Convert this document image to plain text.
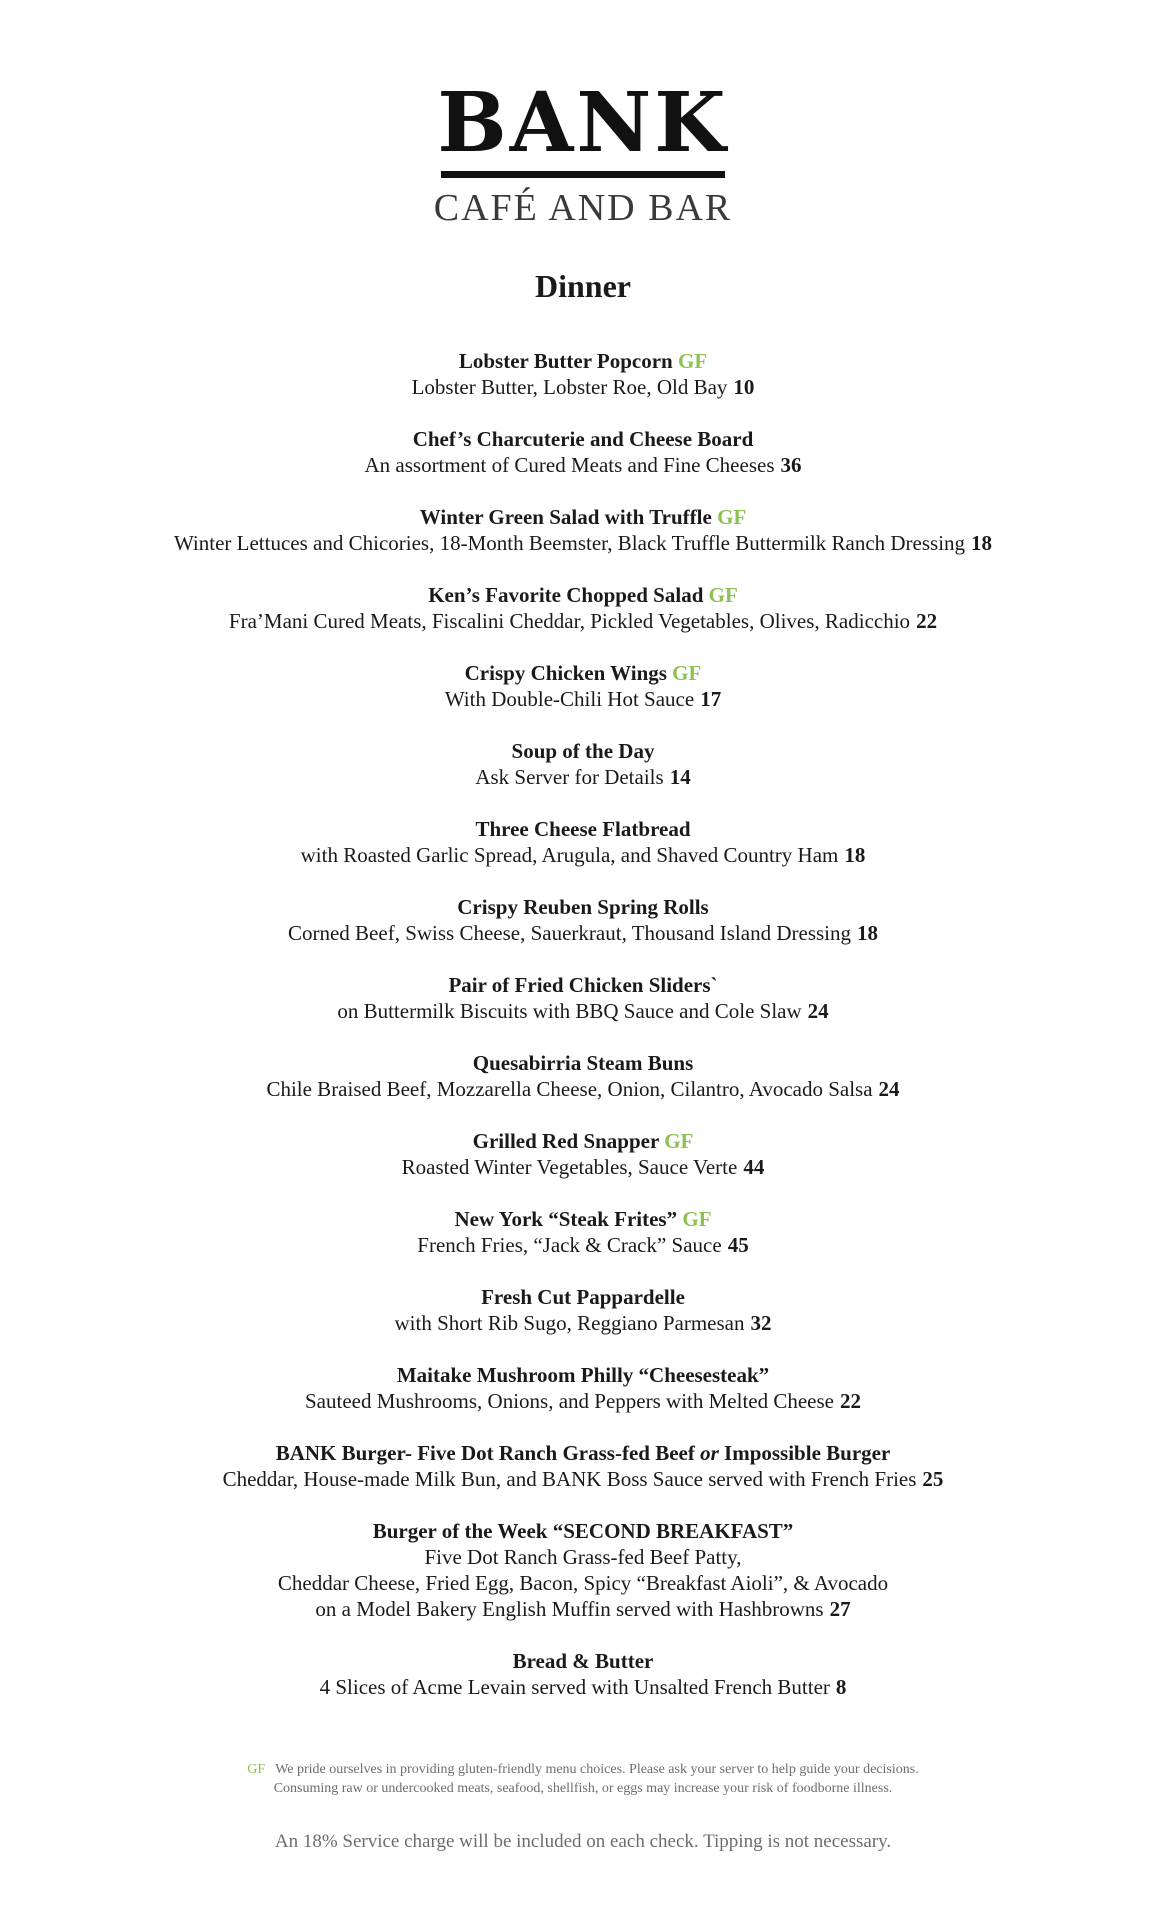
BANK
CAFÉ AND BAR
Dinner
Lobster Butter Popcorn GF
Lobster Butter, Lobster Roe, Old Bay 10
Chef’s Charcuterie and Cheese Board
An assortment of Cured Meats and Fine Cheeses 36
Winter Green Salad with Truffle GF
Winter Lettuces and Chicories, 18-Month Beemster, Black Truffle Buttermilk Ranch Dressing 18
Ken’s Favorite Chopped Salad GF
Fra’Mani Cured Meats, Fiscalini Cheddar, Pickled Vegetables, Olives, Radicchio 22
Crispy Chicken Wings GF
With Double-Chili Hot Sauce 17
Soup of the Day
Ask Server for Details 14
Three Cheese Flatbread
with Roasted Garlic Spread, Arugula, and Shaved Country Ham 18
Crispy Reuben Spring Rolls
Corned Beef, Swiss Cheese, Sauerkraut, Thousand Island Dressing 18
Pair of Fried Chicken Sliders`
on Buttermilk Biscuits with BBQ Sauce and Cole Slaw 24
Quesabirria Steam Buns
Chile Braised Beef, Mozzarella Cheese, Onion, Cilantro, Avocado Salsa 24
Grilled Red Snapper GF
Roasted Winter Vegetables, Sauce Verte 44
New York “Steak Frites” GF
French Fries, “Jack & Crack” Sauce 45
Fresh Cut Pappardelle
with Short Rib Sugo, Reggiano Parmesan 32
Maitake Mushroom Philly “Cheesesteak”
Sauteed Mushrooms, Onions, and Peppers with Melted Cheese 22
BANK Burger- Five Dot Ranch Grass-fed Beef or Impossible Burger
Cheddar, House-made Milk Bun, and BANK Boss Sauce served with French Fries 25
Burger of the Week “SECOND BREAKFAST”
Five Dot Ranch Grass-fed Beef Patty,
Cheddar Cheese, Fried Egg, Bacon, Spicy “Breakfast Aioli”, & Avocado
on a Model Bakery English Muffin served with Hashbrowns 27
Bread & Butter
4 Slices of Acme Levain served with Unsalted French Butter 8
GF We pride ourselves in providing gluten-friendly menu choices. Please ask your server to help guide your decisions.
Consuming raw or undercooked meats, seafood, shellfish, or eggs may increase your risk of foodborne illness.
An 18% Service charge will be included on each check. Tipping is not necessary.
